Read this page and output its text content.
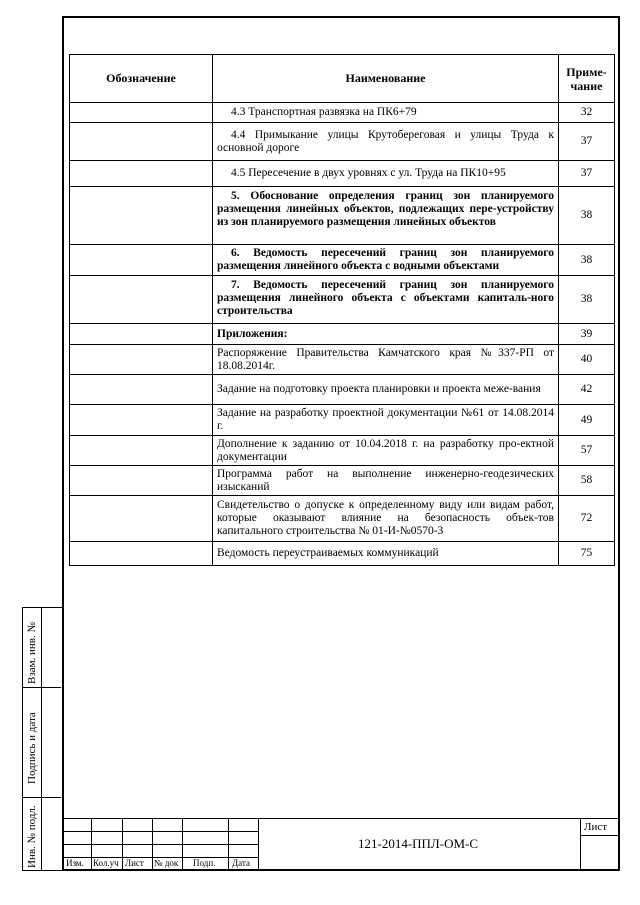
Обозначение	Наименование	Приме-
чание
	4.3 Транспортная развязка на ПК6+79	32
	4.4 Примыкание улицы Крутобереговая и улицы Труда к основной дороге	37
	4.5 Пересечение в двух уровнях с ул. Труда на ПК10+95	37
	5. Обоснование определения границ зон планируемого размещения линейных объектов, подлежащих пере-устройству из зон планируемого размещения линейных объектов	38
	6. Ведомость пересечений границ зон планируемого размещения линейного объекта с водными объектами	38
	7. Ведомость пересечений границ зон планируемого размещения линейного объекта с объектами капиталь-ного строительства	38
	Приложения:	39
	Распоряжение Правительства Камчатского края №337-РП от 18.08.2014г.	40
	Задание на подготовку проекта планировки и проекта меже-вания	42
	Задание на разработку проектной документации №61 от 14.08.2014 г.	49
	Дополнение к заданию от 10.04.2018 г. на разработку про-ектной документации	57
	Программа работ на выполнение инженерно-геодезических изысканий	58
	Свидетельство о допуске к определенному виду или видам работ, которые оказывают влияние на безопасность объек-тов капитального строительства № 01-И-№0570-3	72
	Ведомость переустраиваемых коммуникаций	75
Взам. инв. №
Подпись и дата
Инв. № подл.	Изм. Кол.уч Лист № док Подп. Дата
121-2014-ППЛ-ОМ-С
Лист
